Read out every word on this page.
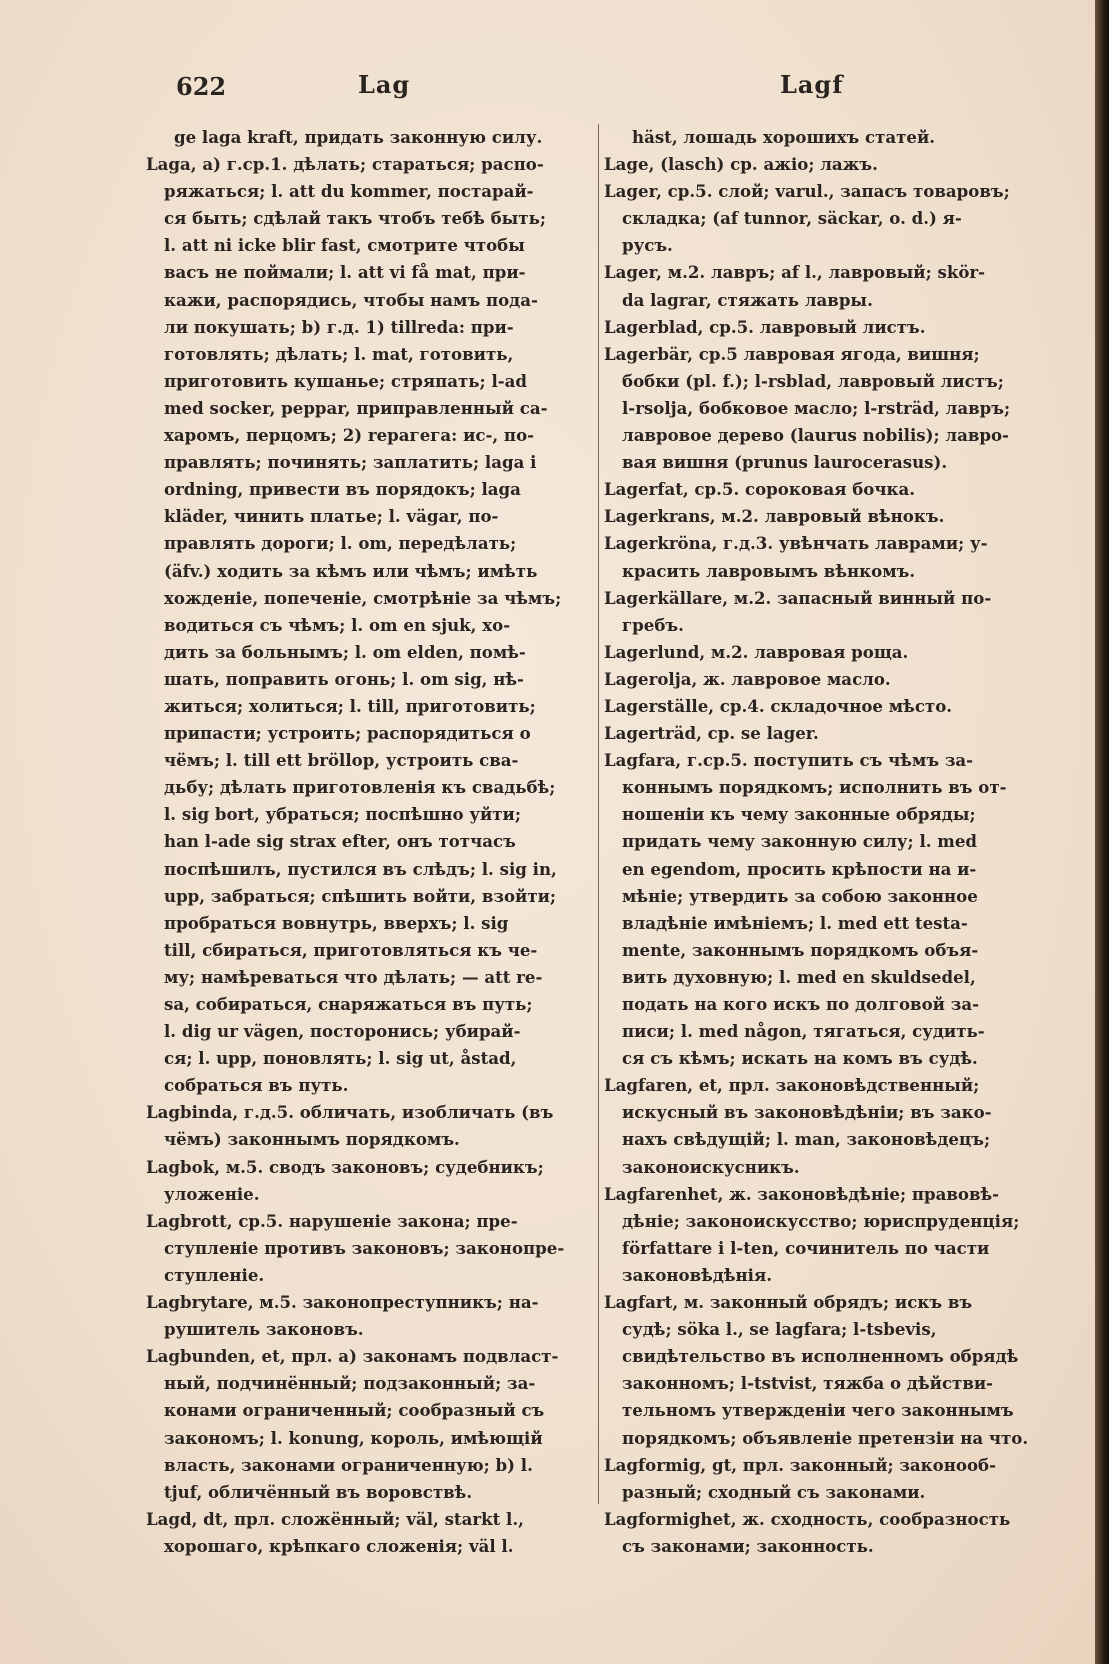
622	Lag	Lagf
ge laga kraft, придать законную силу.
Laga, a) г.ср.1. дѣлать; стараться; распо-
ряжаться; l. att du kommer, постарай-
ся быть; сдѣлай такъ чтобъ тебѣ быть;
l. att ni icke blir fast, смотрите чтобы
васъ не поймали; l. att vi få mat, при-
кажи, распорядись, чтобы намъ пода-
ли покушать; b) г.д. 1) tillreda: при-
готовлять; дѣлать; l. mat, готовить,
приготовить кушанье; стряпать; l-ad
med socker, peppar, приправленный са-
харомъ, перцомъ; 2) repагега: ис-, по-
правлять; починять; заплатить; laga i
ordning, привести въ порядокъ; laga
kläder, чинить платье; l. vägar, по-
правлять дороги; l. om, передѣлать;
(äfv.) ходить за кѣмъ или чѣмъ; имѣть
хожденіе, попеченіе, смотрѣніе за чѣмъ;
водиться съ чѣмъ; l. om en sjuk, хо-
дить за больнымъ; l. om elden, помѣ-
шать, поправить огонь; l. om sig, нѣ-
житься; холиться; l. till, приготовить;
припасти; устроить; распорядиться о
чёмъ; l. till ett bröllop, устроить сва-
дьбу; дѣлать приготовленія къ свадьбѣ;
l. sig bort, убраться; поспѣшно уйти;
han l-ade sig strax efter, онъ тотчасъ
поспѣшилъ, пустился въ слѣдъ; l. sig in,
upp, забраться; спѣшить войти, взойти;
пробраться вовнутрь, вверхъ; l. sig
till, сбираться, приготовляться къ че-
му; намѣреваться что дѣлать; — att re-
sa, собираться, снаряжаться въ путь;
l. dig ur vägen, посторонись; убирай-
ся; l. upp, поновлять; l. sig ut, åstad,
собраться въ путь.
Lagbinda, г.д.5. обличать, изобличать (въ
чёмъ) законнымъ порядкомъ.
Lagbok, м.5. сводъ законовъ; судебникъ;
уложеніе.
Lagbrott, ср.5. нарушеніе закона; пре-
ступленіе противъ законовъ; законопре-
ступленіе.
Lagbrytare, м.5. законопреступникъ; на-
рушитель законовъ.
Lagbunden, et, прл. a) законамъ подвласт-
ный, подчинённый; подзаконный; за-
конами ограниченный; сообразный съ
закономъ; l. konung, король, имѣющій
власть, законами ограниченную; b) l.
tjuf, обличённый въ воровствѣ.
Lagd, dt, прл. сложённый; väl, starkt l.,
хорошаго, крѣпкаго сложенія; väl l.
häst, лошадь хорошихъ статей.
Lage, (lasch) ср. ажіо; лажъ.
Lager, ср.5. слой; varul., запасъ товаровъ;
складка; (af tunnor, säckar, o. d.) я-
русъ.
Lager, м.2. лавръ; af l., лавровый; skör-
da lagrar, стяжать лавры.
Lagerblad, ср.5. лавровый листъ.
Lagerbär, ср.5 лавровая ягода, вишня;
бобки (pl. f.); l-rsblad, лавровый листъ;
l-rsolja, бобковое масло; l-rsträd, лавръ;
лавровое дерево (laurus nobilis); лавро-
вая вишня (prunus laurocerasus).
Lagerfat, ср.5. сороковая бочка.
Lagerkrans, м.2. лавровый вѣнокъ.
Lagerkröna, г.д.3. увѣнчать лаврами; у-
красить лавровымъ вѣнкомъ.
Lagerkällare, м.2. запасный винный по-
гребъ.
Lagerlund, м.2. лавровая роща.
Lagerolja, ж. лавровое масло.
Lagerställe, ср.4. складочное мѣсто.
Lagerträd, ср. se lager.
Lagfara, г.ср.5. поступить съ чѣмъ за-
коннымъ порядкомъ; исполнить въ от-
ношеніи къ чему законные обряды;
придать чему законную силу; l. med
en egendom, просить крѣпости на и-
мѣніе; утвердить за собою законное
владѣніе имѣніемъ; l. med ett testa-
mente, законнымъ порядкомъ объя-
вить духовную; l. med en skuldsedel,
подать на кого искъ по долговой за-
писи; l. med någon, тягаться, судить-
ся съ кѣмъ; искать на комъ въ судѣ.
Lagfaren, et, прл. законовѣдственный;
искусный въ законовѣдѣніи; въ зако-
нахъ свѣдущій; l. man, законовѣдецъ;
законоискусникъ.
Lagfarenhet, ж. законовѣдѣніе; правовѣ-
дѣніе; законоискусство; юриспруденція;
författare i l-ten, сочинитель по части
законовѣдѣнія.
Lagfart, м. законный обрядъ; искъ въ
судѣ; söka l., se lagfara; l-tsbevis,
свидѣтельство въ исполненномъ обрядѣ
законномъ; l-tstvist, тяжба о дѣйстви-
тельномъ утвержденіи чего законнымъ
порядкомъ; объявленіе претензіи на что.
Lagformig, gt, прл. законный; законооб-
разный; сходный съ законами.
Lagformighet, ж. сходность, сообразность
съ законами; законность.
